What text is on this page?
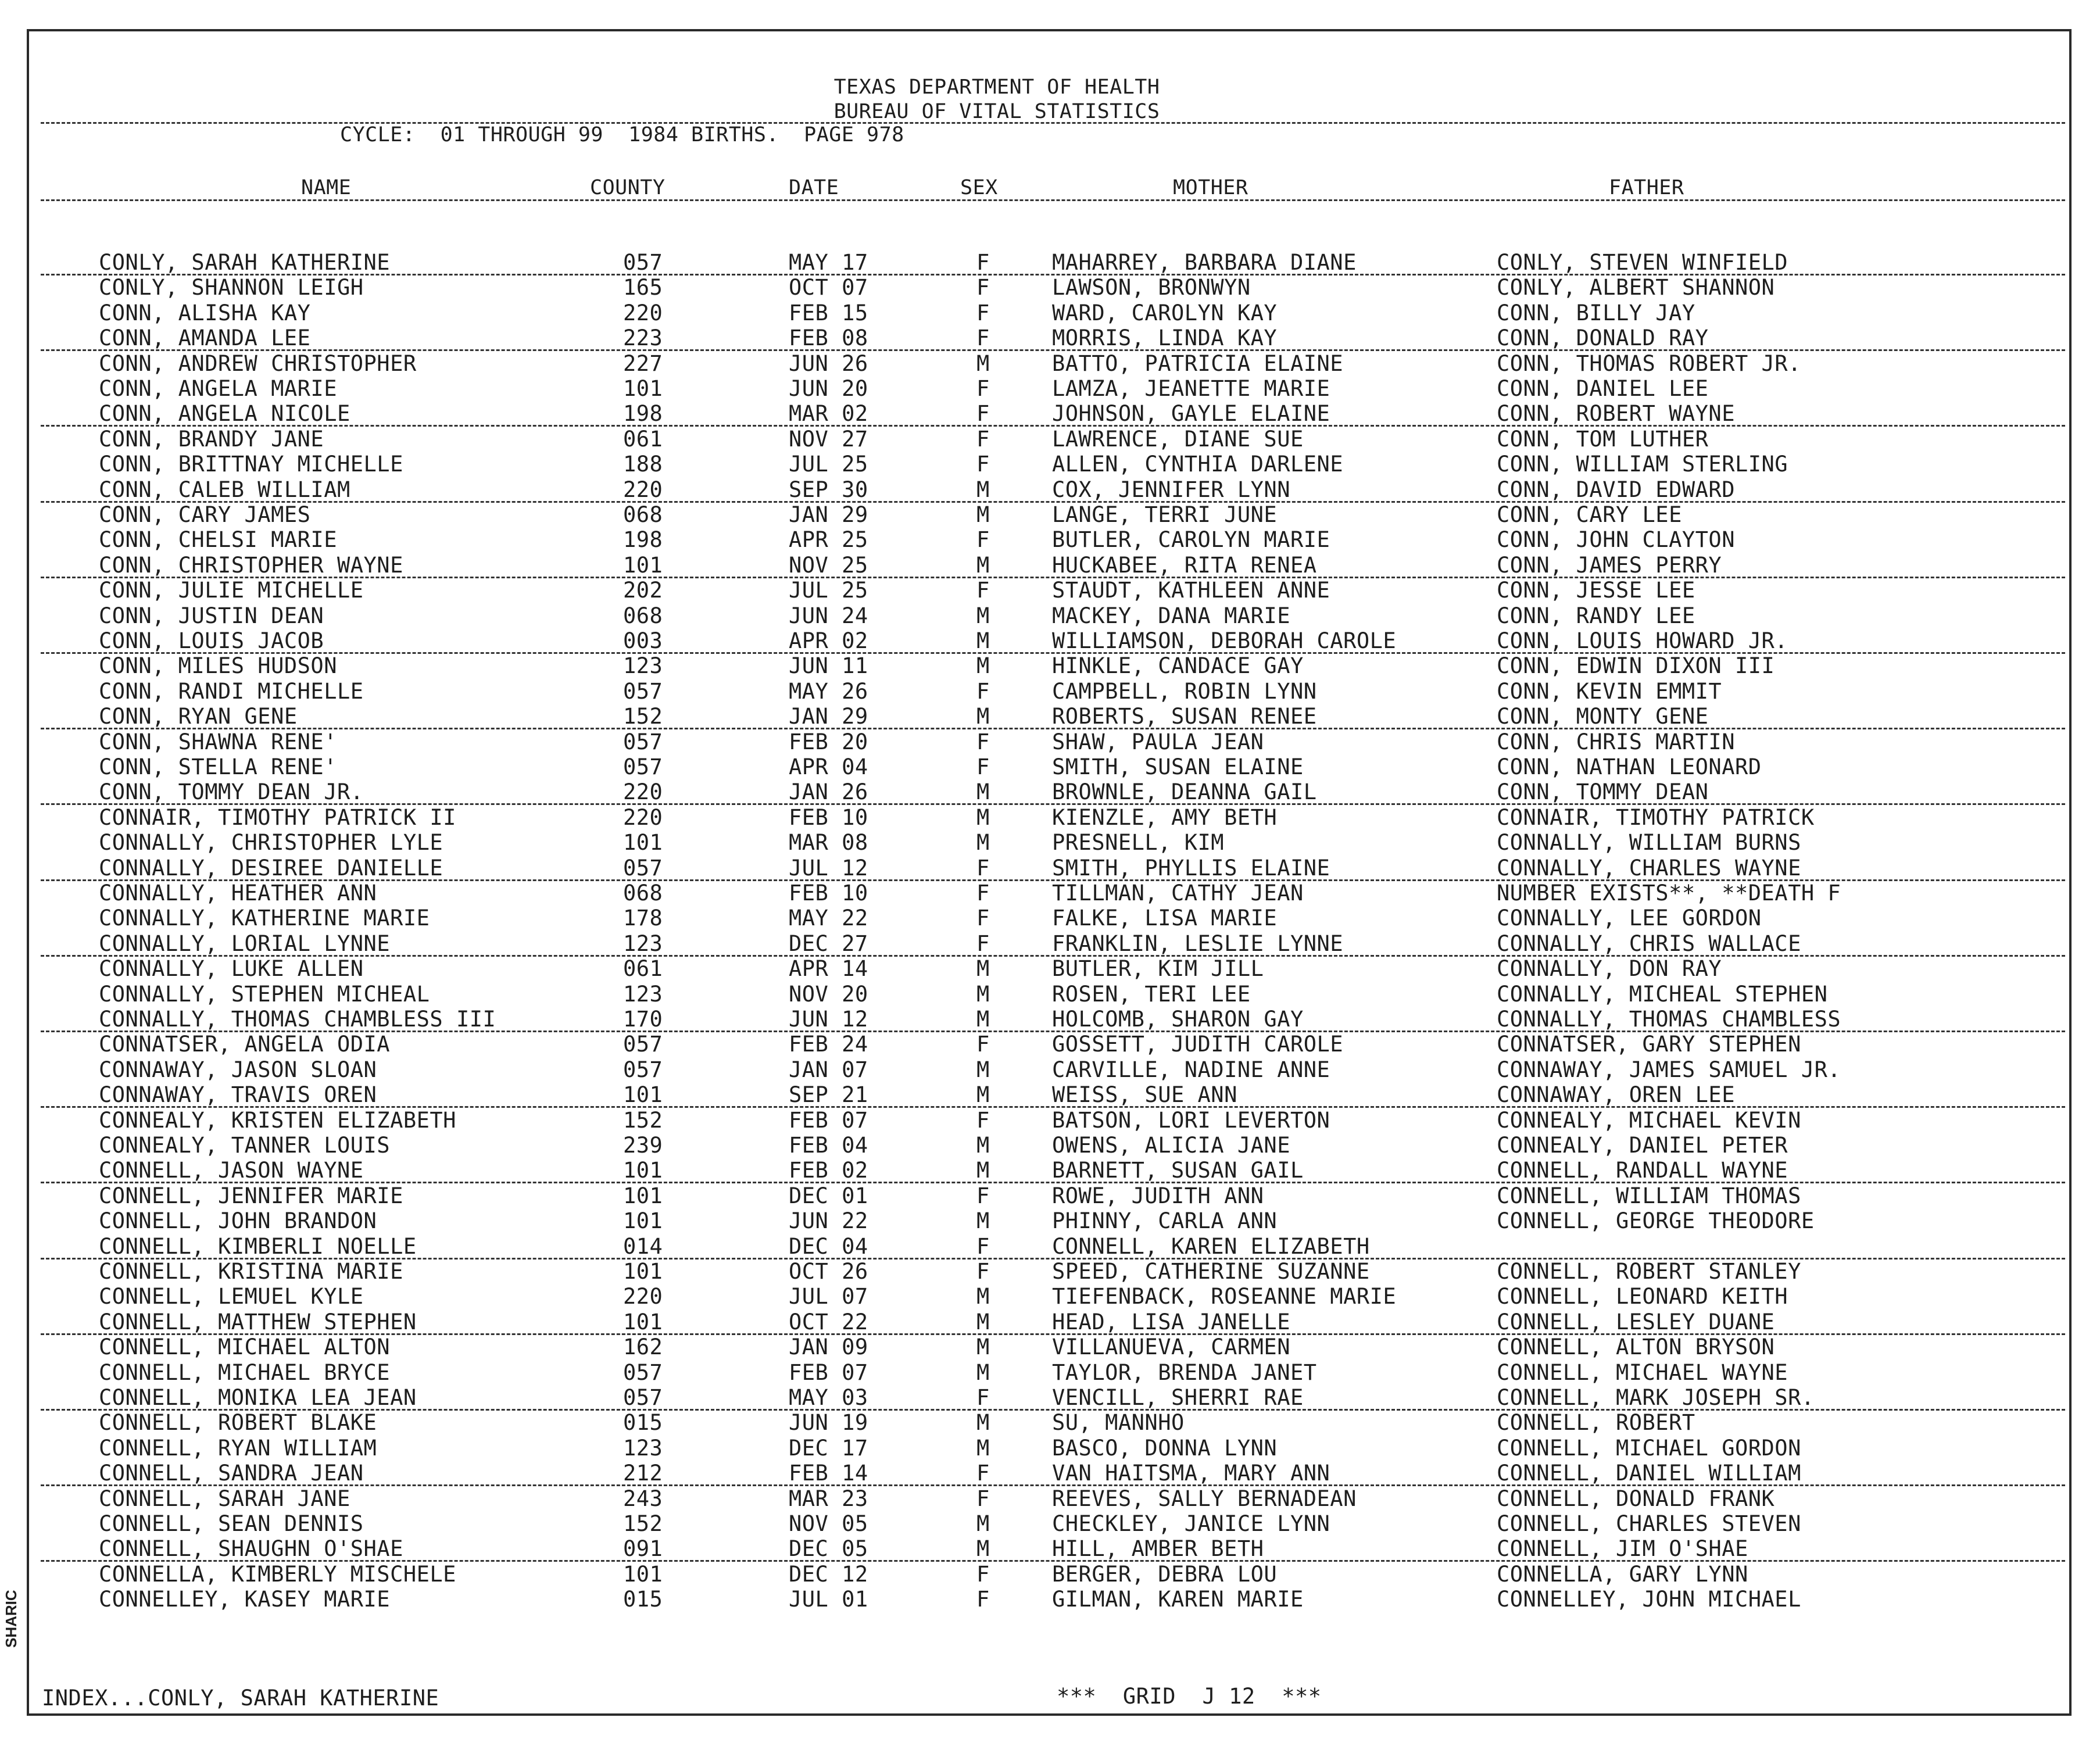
TEXAS DEPARTMENT OF HEALTH
BUREAU OF VITAL STATISTICS
CYCLE:  01 THROUGH 99  1984 BIRTHS.  PAGE 978
NAME	COUNTY	DATE	SEX	MOTHER	FATHER
CONLY, SARAH KATHERINE	057	MAY 17	F	MAHARREY, BARBARA DIANE	CONLY, STEVEN WINFIELD
CONLY, SHANNON LEIGH	165	OCT 07	F	LAWSON, BRONWYN	CONLY, ALBERT SHANNON
CONN, ALISHA KAY	220	FEB 15	F	WARD, CAROLYN KAY	CONN, BILLY JAY
CONN, AMANDA LEE	223	FEB 08	F	MORRIS, LINDA KAY	CONN, DONALD RAY
CONN, ANDREW CHRISTOPHER	227	JUN 26	M	BATTO, PATRICIA ELAINE	CONN, THOMAS ROBERT JR.
CONN, ANGELA MARIE	101	JUN 20	F	LAMZA, JEANETTE MARIE	CONN, DANIEL LEE
CONN, ANGELA NICOLE	198	MAR 02	F	JOHNSON, GAYLE ELAINE	CONN, ROBERT WAYNE
CONN, BRANDY JANE	061	NOV 27	F	LAWRENCE, DIANE SUE	CONN, TOM LUTHER
CONN, BRITTNAY MICHELLE	188	JUL 25	F	ALLEN, CYNTHIA DARLENE	CONN, WILLIAM STERLING
CONN, CALEB WILLIAM	220	SEP 30	M	COX, JENNIFER LYNN	CONN, DAVID EDWARD
CONN, CARY JAMES	068	JAN 29	M	LANGE, TERRI JUNE	CONN, CARY LEE
CONN, CHELSI MARIE	198	APR 25	F	BUTLER, CAROLYN MARIE	CONN, JOHN CLAYTON
CONN, CHRISTOPHER WAYNE	101	NOV 25	M	HUCKABEE, RITA RENEA	CONN, JAMES PERRY
CONN, JULIE MICHELLE	202	JUL 25	F	STAUDT, KATHLEEN ANNE	CONN, JESSE LEE
CONN, JUSTIN DEAN	068	JUN 24	M	MACKEY, DANA MARIE	CONN, RANDY LEE
CONN, LOUIS JACOB	003	APR 02	M	WILLIAMSON, DEBORAH CAROLE	CONN, LOUIS HOWARD JR.
CONN, MILES HUDSON	123	JUN 11	M	HINKLE, CANDACE GAY	CONN, EDWIN DIXON III
CONN, RANDI MICHELLE	057	MAY 26	F	CAMPBELL, ROBIN LYNN	CONN, KEVIN EMMIT
CONN, RYAN GENE	152	JAN 29	M	ROBERTS, SUSAN RENEE	CONN, MONTY GENE
CONN, SHAWNA RENE'	057	FEB 20	F	SHAW, PAULA JEAN	CONN, CHRIS MARTIN
CONN, STELLA RENE'	057	APR 04	F	SMITH, SUSAN ELAINE	CONN, NATHAN LEONARD
CONN, TOMMY DEAN JR.	220	JAN 26	M	BROWNLE, DEANNA GAIL	CONN, TOMMY DEAN
CONNAIR, TIMOTHY PATRICK II	220	FEB 10	M	KIENZLE, AMY BETH	CONNAIR, TIMOTHY PATRICK
CONNALLY, CHRISTOPHER LYLE	101	MAR 08	M	PRESNELL, KIM	CONNALLY, WILLIAM BURNS
CONNALLY, DESIREE DANIELLE	057	JUL 12	F	SMITH, PHYLLIS ELAINE	CONNALLY, CHARLES WAYNE
CONNALLY, HEATHER ANN	068	FEB 10	F	TILLMAN, CATHY JEAN	NUMBER EXISTS**, **DEATH F
CONNALLY, KATHERINE MARIE	178	MAY 22	F	FALKE, LISA MARIE	CONNALLY, LEE GORDON
CONNALLY, LORIAL LYNNE	123	DEC 27	F	FRANKLIN, LESLIE LYNNE	CONNALLY, CHRIS WALLACE
CONNALLY, LUKE ALLEN	061	APR 14	M	BUTLER, KIM JILL	CONNALLY, DON RAY
CONNALLY, STEPHEN MICHEAL	123	NOV 20	M	ROSEN, TERI LEE	CONNALLY, MICHEAL STEPHEN
CONNALLY, THOMAS CHAMBLESS III	170	JUN 12	M	HOLCOMB, SHARON GAY	CONNALLY, THOMAS CHAMBLESS
CONNATSER, ANGELA ODIA	057	FEB 24	F	GOSSETT, JUDITH CAROLE	CONNATSER, GARY STEPHEN
CONNAWAY, JASON SLOAN	057	JAN 07	M	CARVILLE, NADINE ANNE	CONNAWAY, JAMES SAMUEL JR.
CONNAWAY, TRAVIS OREN	101	SEP 21	M	WEISS, SUE ANN	CONNAWAY, OREN LEE
CONNEALY, KRISTEN ELIZABETH	152	FEB 07	F	BATSON, LORI LEVERTON	CONNEALY, MICHAEL KEVIN
CONNEALY, TANNER LOUIS	239	FEB 04	M	OWENS, ALICIA JANE	CONNEALY, DANIEL PETER
CONNELL, JASON WAYNE	101	FEB 02	M	BARNETT, SUSAN GAIL	CONNELL, RANDALL WAYNE
CONNELL, JENNIFER MARIE	101	DEC 01	F	ROWE, JUDITH ANN	CONNELL, WILLIAM THOMAS
CONNELL, JOHN BRANDON	101	JUN 22	M	PHINNY, CARLA ANN	CONNELL, GEORGE THEODORE
CONNELL, KIMBERLI NOELLE	014	DEC 04	F	CONNELL, KAREN ELIZABETH
CONNELL, KRISTINA MARIE	101	OCT 26	F	SPEED, CATHERINE SUZANNE	CONNELL, ROBERT STANLEY
CONNELL, LEMUEL KYLE	220	JUL 07	M	TIEFENBACK, ROSEANNE MARIE	CONNELL, LEONARD KEITH
CONNELL, MATTHEW STEPHEN	101	OCT 22	M	HEAD, LISA JANELLE	CONNELL, LESLEY DUANE
CONNELL, MICHAEL ALTON	162	JAN 09	M	VILLANUEVA, CARMEN	CONNELL, ALTON BRYSON
CONNELL, MICHAEL BRYCE	057	FEB 07	M	TAYLOR, BRENDA JANET	CONNELL, MICHAEL WAYNE
CONNELL, MONIKA LEA JEAN	057	MAY 03	F	VENCILL, SHERRI RAE	CONNELL, MARK JOSEPH SR.
CONNELL, ROBERT BLAKE	015	JUN 19	M	SU, MANNHO	CONNELL, ROBERT
CONNELL, RYAN WILLIAM	123	DEC 17	M	BASCO, DONNA LYNN	CONNELL, MICHAEL GORDON
CONNELL, SANDRA JEAN	212	FEB 14	F	VAN HAITSMA, MARY ANN	CONNELL, DANIEL WILLIAM
CONNELL, SARAH JANE	243	MAR 23	F	REEVES, SALLY BERNADEAN	CONNELL, DONALD FRANK
CONNELL, SEAN DENNIS	152	NOV 05	M	CHECKLEY, JANICE LYNN	CONNELL, CHARLES STEVEN
CONNELL, SHAUGHN O'SHAE	091	DEC 05	M	HILL, AMBER BETH	CONNELL, JIM O'SHAE
CONNELLA, KIMBERLY MISCHELE	101	DEC 12	F	BERGER, DEBRA LOU	CONNELLA, GARY LYNN
CONNELLEY, KASEY MARIE	015	JUL 01	F	GILMAN, KAREN MARIE	CONNELLEY, JOHN MICHAEL
INDEX...CONLY, SARAH KATHERINE	***  GRID  J 12  ***
SHARIC
